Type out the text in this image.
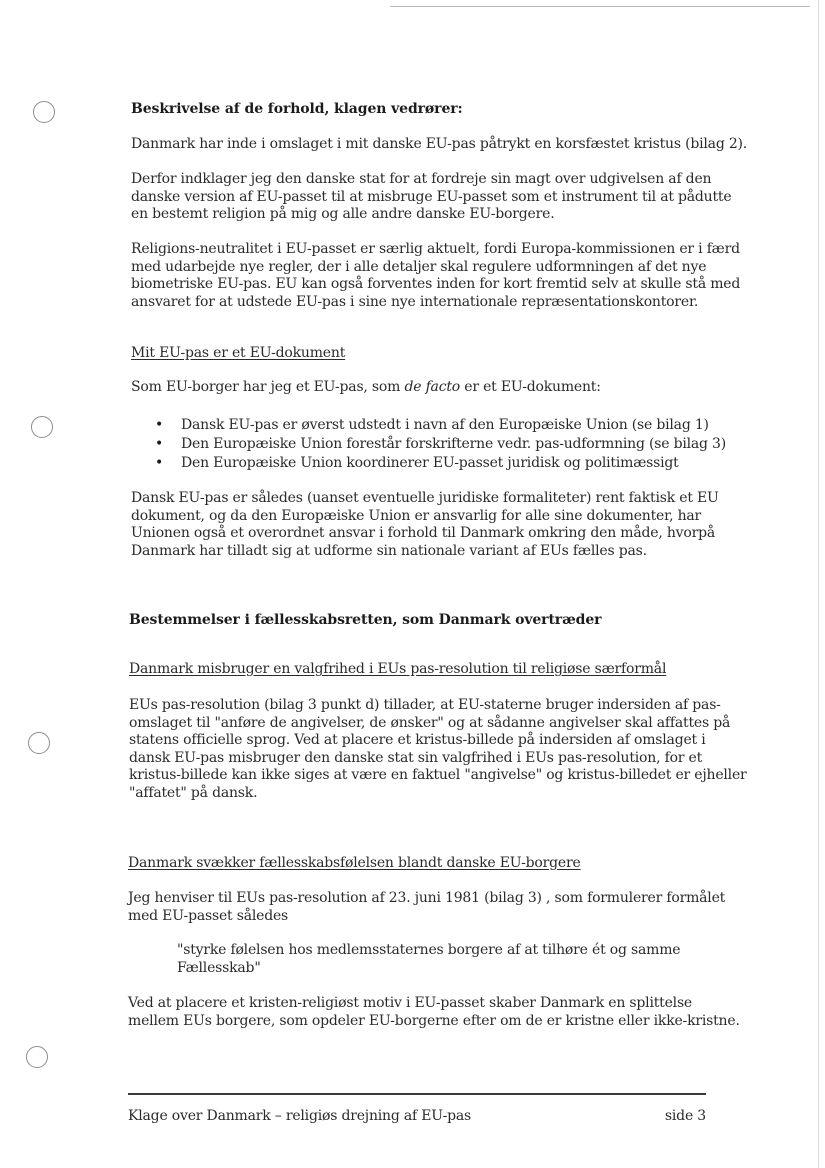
Beskrivelse af de forhold, klagen vedrører:

Danmark har inde i omslaget i mit danske EU-pas påtrykt en korsfæstet kristus (bilag 2).

Derfor indklager jeg den danske stat for at fordreje sin magt over udgivelsen af den
danske version af EU-passet til at misbruge EU-passet som et instrument til at pådutte
en bestemt religion på mig og alle andre danske EU-borgere.

Religions-neutralitet i EU-passet er særlig aktuelt, fordi Europa-kommissionen er i færd
med udarbejde nye regler, der i alle detaljer skal regulere udformningen af det nye
biometriske EU-pas. EU kan også forventes inden for kort fremtid selv at skulle stå med
ansvaret for at udstede EU-pas i sine nye internationale repræsentationskontorer.

Mit EU-pas er et EU-dokument

Som EU-borger har jeg et EU-pas, som de facto er et EU-dokument:

• Dansk EU-pas er øverst udstedt i navn af den Europæiske Union (se bilag 1)
• Den Europæiske Union forestår forskrifterne vedr. pas-udformning (se bilag 3)
• Den Europæiske Union koordinerer EU-passet juridisk og politimæssigt

Dansk EU-pas er således (uanset eventuelle juridiske formaliteter) rent faktisk et EU
dokument, og da den Europæiske Union er ansvarlig for alle sine dokumenter, har
Unionen også et overordnet ansvar i forhold til Danmark omkring den måde, hvorpå
Danmark har tilladt sig at udforme sin nationale variant af EUs fælles pas.

Bestemmelser i fællesskabsretten, som Danmark overtræder
Danmark misbruger en valgfrihed i EUs pas-resolution til religiøse særformål

EUs pas-resolution (bilag 3 punkt d) tillader, at EU-staterne bruger indersiden af pas-
omslaget til "anføre de angivelser, de ønsker" og at sådanne angivelser skal affattes på
statens officielle sprog. Ved at placere et kristus-billede på indersiden af omslaget i
dansk EU-pas misbruger den danske stat sin valgfrihed i EUs pas-resolution, for et
kristus-billede kan ikke siges at være en faktuel "angivelse" og kristus-billedet er ejheller
"affatet" på dansk.

Danmark svækker fællesskabsfølelsen blandt danske EU-borgere

Jeg henviser til EUs pas-resolution af 23. juni 1981 (bilag 3) , som formulerer formålet
med EU-passet således

"styrke følelsen hos medlemsstaternes borgere af at tilhøre ét og samme
Fællesskab"

Ved at placere et kristen-religiøst motiv i EU-passet skaber Danmark en splittelse
mellem EUs borgere, som opdeler EU-borgerne efter om de er kristne eller ikke-kristne.

Klage over Danmark – religiøs drejning af EU-pas	side 3
